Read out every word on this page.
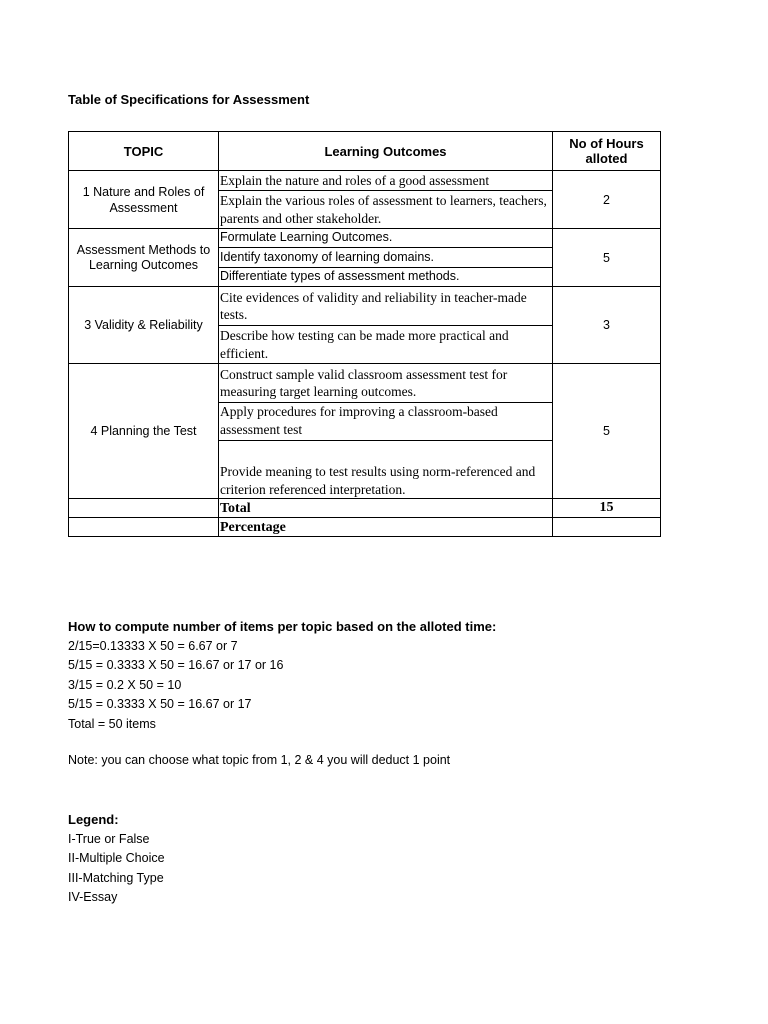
Table of Specifications for Assessment
TOPIC	Learning Outcomes	No of Hours alloted
1 Nature and Roles of Assessment	Explain the nature and roles of a good assessment	2
	Explain the various roles of assessment to learners, teachers, parents and other stakeholder.	
Assessment Methods to Learning Outcomes	Formulate Learning Outcomes.	5
	Identify taxonomy of learning domains.	
	Differentiate types of assessment methods.	
3 Validity & Reliability	Cite evidences of validity and reliability in teacher-made tests.	3
	Describe how testing can be made more practical and efficient.	
4 Planning the Test	Construct sample valid classroom assessment test for measuring target learning outcomes.	5
	Apply procedures for improving a classroom-based assessment test	
	Provide meaning to test results using norm-referenced and criterion referenced interpretation.	
	Total	15
	Percentage	
How to compute number of items per topic based on the alloted time:
2/15=0.13333 X 50 = 6.67 or 7
5/15 = 0.3333 X 50 = 16.67 or 17 or 16
3/15 = 0.2 X 50 = 10
5/15 = 0.3333 X 50 = 16.67 or 17
Total = 50 items
Note: you can choose what topic from 1, 2 & 4 you will deduct 1 point
Legend:
I-True or False
II-Multiple Choice
III-Matching Type
IV-Essay
